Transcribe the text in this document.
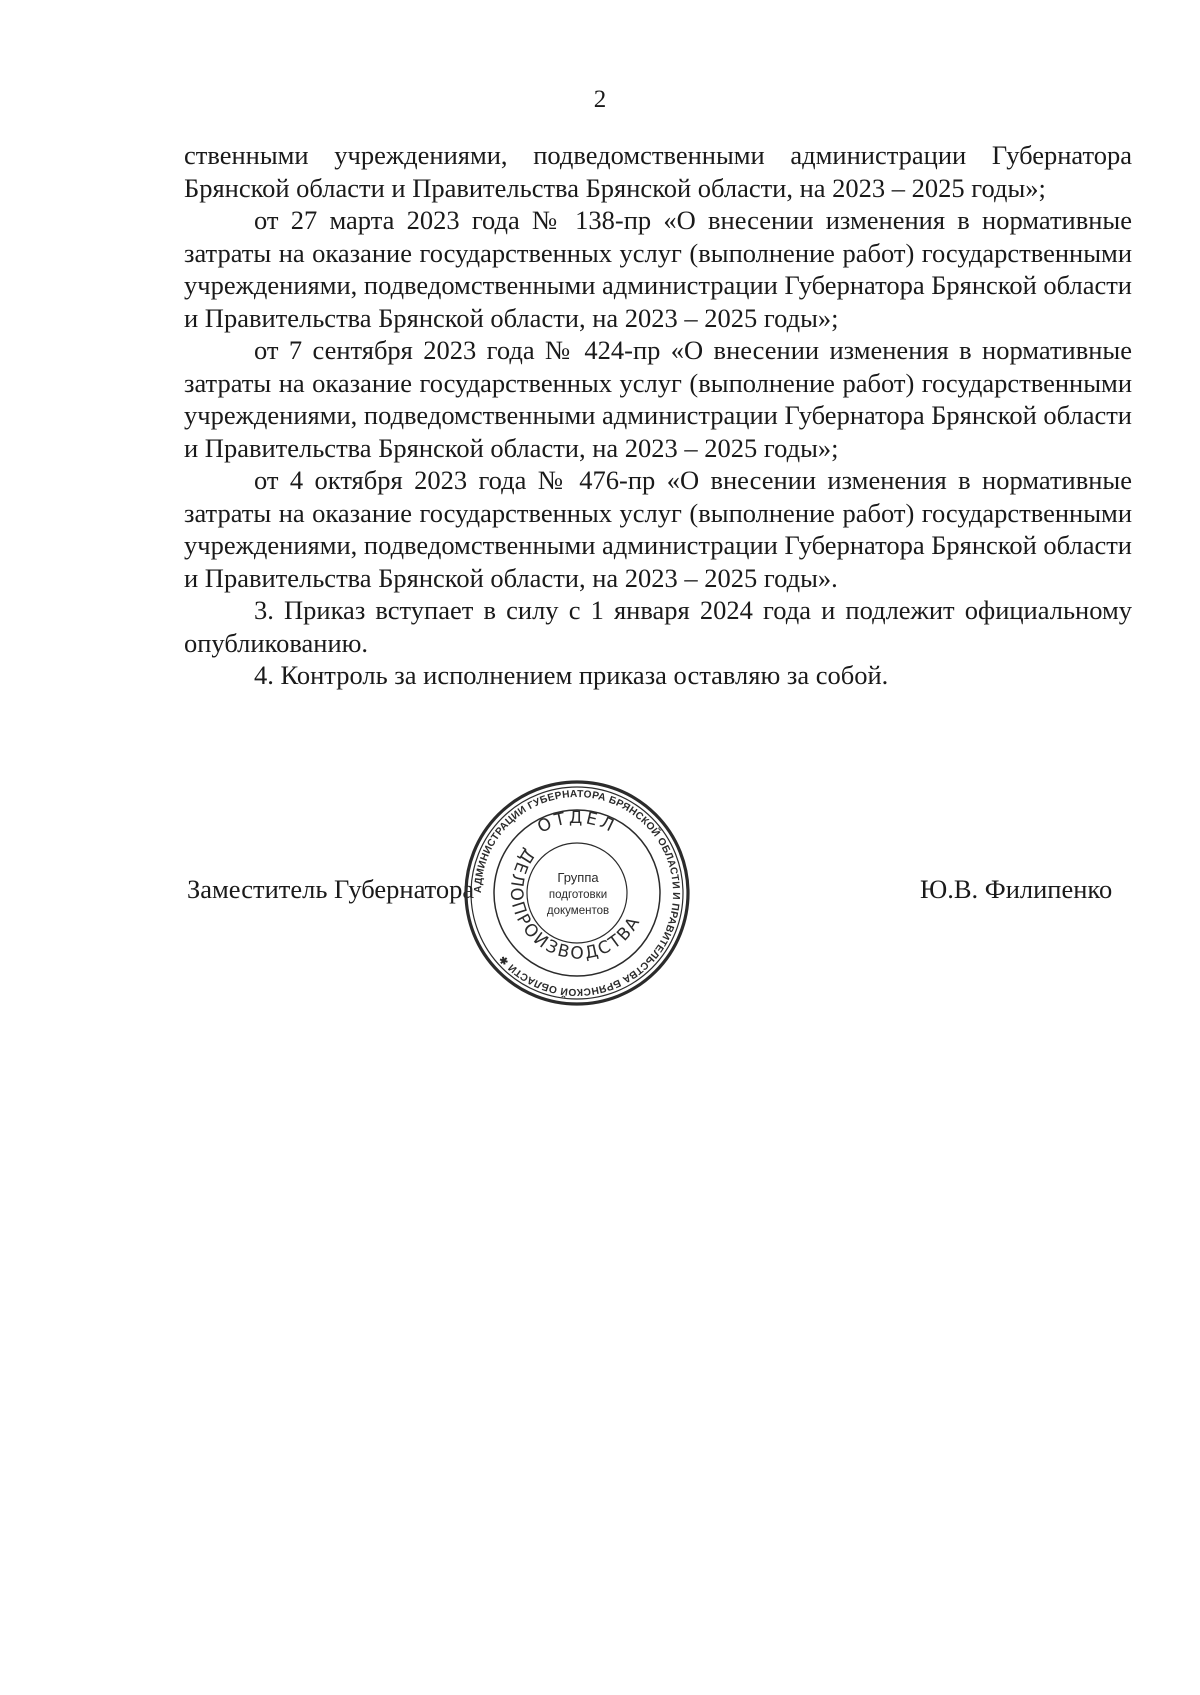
2

ственными учреждениями, подведомственными администрации Губернатора Брянской области и Правительства Брянской области, на 2023 – 2025 годы»;

от 27 марта 2023 года № 138-пр «О внесении изменения в нормативные затраты на оказание государственных услуг (выполнение работ) государственными учреждениями, подведомственными администрации Губернатора Брянской области и Правительства Брянской области, на 2023 – 2025 годы»;

от 7 сентября 2023 года № 424-пр «О внесении изменения в нормативные затраты на оказание государственных услуг (выполнение работ) государственными учреждениями, подведомственными администрации Губернатора Брянской области и Правительства Брянской области, на 2023 – 2025 годы»;

от 4 октября 2023 года № 476-пр «О внесении изменения в нормативные затраты на оказание государственных услуг (выполнение работ) государственными учреждениями, подведомственными администрации Губернатора Брянской области и Правительства Брянской области, на 2023 – 2025 годы».

3. Приказ вступает в силу с 1 января 2024 года и подлежит официальному опубликованию.

4. Контроль за исполнением приказа оставляю за собой.

Заместитель Губернатора	Ю.В. Филипенко
АДМИНИСТРАЦИИ ГУБЕРНАТОРА БРЯНСКОЙ ОБЛАСТИ И ПРАВИТЕЛЬСТВА БРЯНСКОЙ ОБЛАСТИ ✱
ОТДЕЛ
ДЕЛОПРОИЗВОДСТВА
Группа
подготовки
документов
